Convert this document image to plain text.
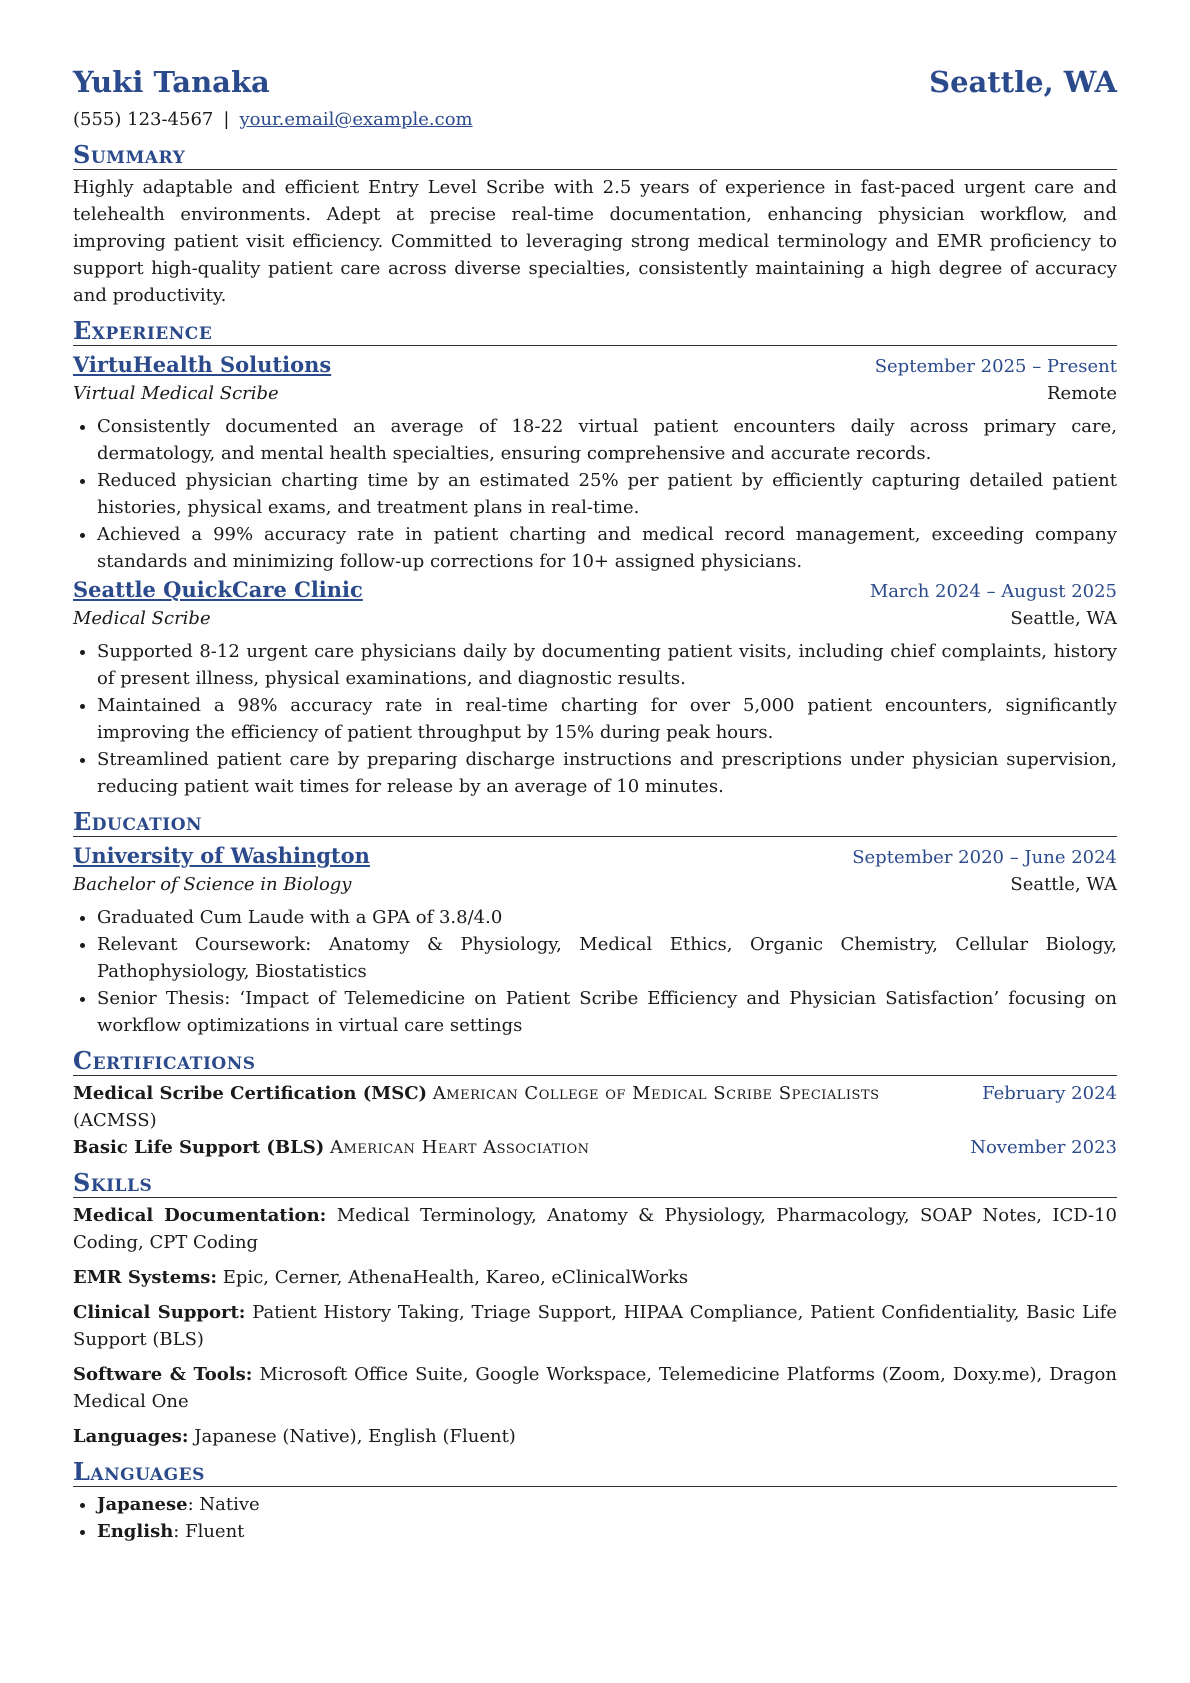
Yuki Tanaka	Seattle, WA
(555) 123-4567 | your.email@example.com
Summary
Highly adaptable and efficient Entry Level Scribe with 2.5 years of experience in fast-paced urgent care and telehealth environments. Adept at precise real-time documentation, enhancing physician workflow, and improving patient visit efficiency. Committed to leveraging strong medical terminology and EMR proficiency to support high-quality patient care across diverse specialties, consistently maintaining a high degree of accuracy and productivity.
Experience
VirtuHealth Solutions	September 2025 – Present
Virtual Medical Scribe	Remote
• Consistently documented an average of 18-22 virtual patient encounters daily across primary care, dermatology, and mental health specialties, ensuring comprehensive and accurate records.
• Reduced physician charting time by an estimated 25% per patient by efficiently capturing detailed patient histories, physical exams, and treatment plans in real-time.
• Achieved a 99% accuracy rate in patient charting and medical record management, exceeding company standards and minimizing follow-up corrections for 10+ assigned physicians.
Seattle QuickCare Clinic	March 2024 – August 2025
Medical Scribe	Seattle, WA
• Supported 8-12 urgent care physicians daily by documenting patient visits, including chief complaints, history of present illness, physical examinations, and diagnostic results.
• Maintained a 98% accuracy rate in real-time charting for over 5,000 patient encounters, significantly improving the efficiency of patient throughput by 15% during peak hours.
• Streamlined patient care by preparing discharge instructions and prescriptions under physician supervision, reducing patient wait times for release by an average of 10 minutes.
Education
University of Washington	September 2020 – June 2024
Bachelor of Science in Biology	Seattle, WA
• Graduated Cum Laude with a GPA of 3.8/4.0
• Relevant Coursework: Anatomy & Physiology, Medical Ethics, Organic Chemistry, Cellular Biology, Pathophysiology, Biostatistics
• Senior Thesis: ‘Impact of Telemedicine on Patient Scribe Efficiency and Physician Satisfaction’ focusing on workflow optimizations in virtual care settings
Certifications
Medical Scribe Certification (MSC) American College of Medical Scribe Specialists	February 2024
(ACMSS)
Basic Life Support (BLS) American Heart Association	November 2023
Skills
Medical Documentation: Medical Terminology, Anatomy & Physiology, Pharmacology, SOAP Notes, ICD-10 Coding, CPT Coding
EMR Systems: Epic, Cerner, AthenaHealth, Kareo, eClinicalWorks
Clinical Support: Patient History Taking, Triage Support, HIPAA Compliance, Patient Confidentiality, Basic Life Support (BLS)
Software & Tools: Microsoft Office Suite, Google Workspace, Telemedicine Platforms (Zoom, Doxy.me), Dragon Medical One
Languages: Japanese (Native), English (Fluent)
Languages
• Japanese: Native
• English: Fluent
